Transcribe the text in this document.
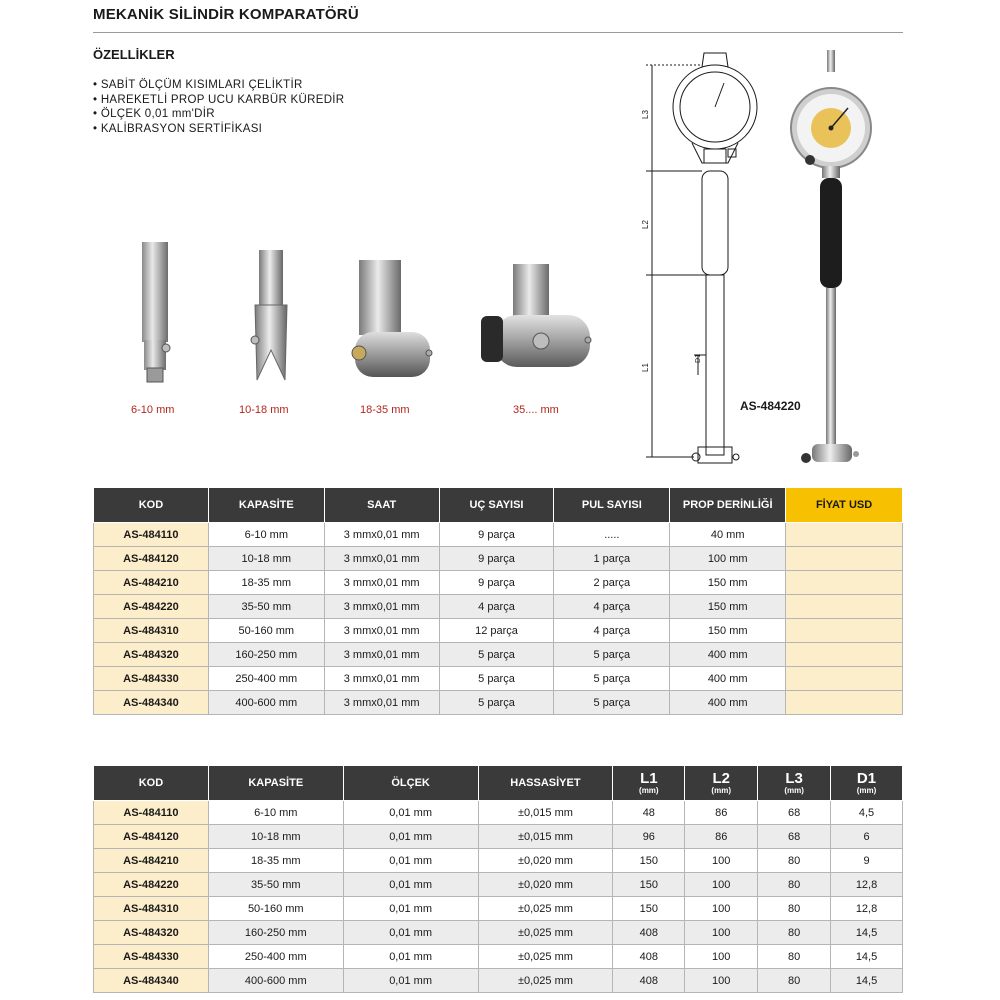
MEKANİK SİLİNDİR KOMPARATÖRÜ
ÖZELLİKLER
• SABİT ÖLÇÜM KISIMLARI ÇELİKTİR
• HAREKETLİ PROP UCU KARBÜR KÜREDİR
• ÖLÇEK 0,01 mm'DİR
• KALİBRASYON SERTİFİKASI
6-10 mm	10-18 mm	18-35 mm	35.... mm
L3
L2
L1
D1
AS-484220
KOD	KAPASİTE	SAAT	UÇ SAYISI	PUL SAYISI	PROP DERİNLİĞİ	FİYAT USD
AS-484110	6-10 mm	3 mmx0,01 mm	9 parça	.....	40 mm	
AS-484120	10-18 mm	3 mmx0,01 mm	9 parça	1 parça	100 mm	
AS-484210	18-35 mm	3 mmx0,01 mm	9 parça	2 parça	150 mm	
AS-484220	35-50 mm	3 mmx0,01 mm	4 parça	4 parça	150 mm	
AS-484310	50-160 mm	3 mmx0,01 mm	12 parça	4 parça	150 mm	
AS-484320	160-250 mm	3 mmx0,01 mm	5 parça	5 parça	400 mm	
AS-484330	250-400 mm	3 mmx0,01 mm	5 parça	5 parça	400 mm	
AS-484340	400-600 mm	3 mmx0,01 mm	5 parça	5 parça	400 mm	
KOD	KAPASİTE	ÖLÇEK	HASSASİYET	L1
(mm)	L2
(mm)	L3
(mm)	D1
(mm)

AS-484110	6-10 mm	0,01 mm	±0,015 mm	48	86	68	4,5
AS-484120	10-18 mm	0,01 mm	±0,015 mm	96	86	68	6
AS-484210	18-35 mm	0,01 mm	±0,020 mm	150	100	80	9
AS-484220	35-50 mm	0,01 mm	±0,020 mm	150	100	80	12,8
AS-484310	50-160 mm	0,01 mm	±0,025 mm	150	100	80	12,8
AS-484320	160-250 mm	0,01 mm	±0,025 mm	408	100	80	14,5
AS-484330	250-400 mm	0,01 mm	±0,025 mm	408	100	80	14,5
AS-484340	400-600 mm	0,01 mm	±0,025 mm	408	100	80	14,5
